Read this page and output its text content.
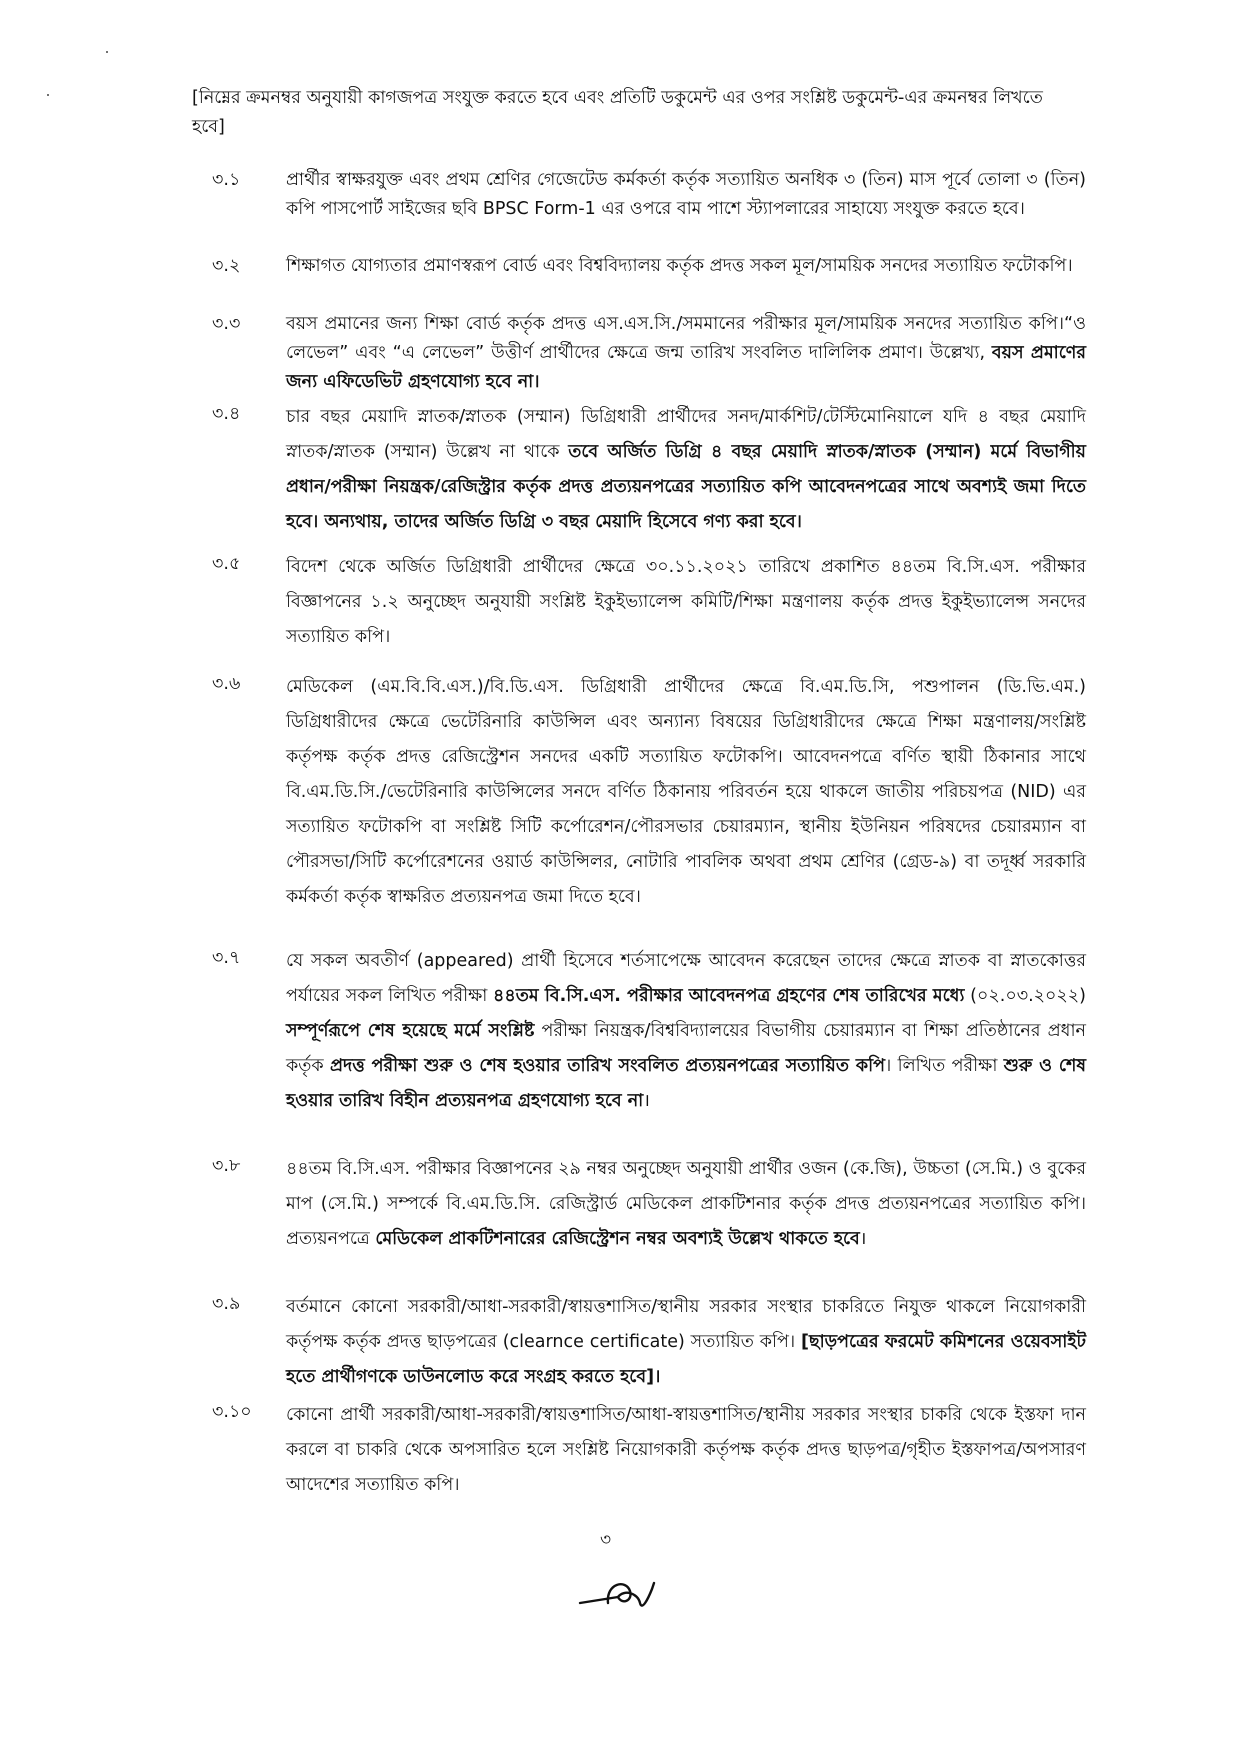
[নিম্নের ক্রমনম্বর অনুযায়ী কাগজপত্র সংযুক্ত করতে হবে এবং প্রতিটি ডকুমেন্ট এর ওপর সংশ্লিষ্ট ডকুমেন্ট-এর ক্রমনম্বর লিখতে হবে]
৩.১	প্রার্থীর স্বাক্ষরযুক্ত এবং প্রথম শ্রেণির গেজেটেড কর্মকর্তা কর্তৃক সত্যায়িত অনধিক ৩ (তিন) মাস পূর্বে তোলা ৩ (তিন) কপি পাসপোর্ট সাইজের ছবি BPSC Form-1 এর ওপরে বাম পাশে স্ট্যাপলারের সাহায্যে সংযুক্ত করতে হবে।
৩.২	শিক্ষাগত যোগ্যতার প্রমাণস্বরূপ বোর্ড এবং বিশ্ববিদ্যালয় কর্তৃক প্রদত্ত সকল মূল/সাময়িক সনদের সত্যায়িত ফটোকপি।
৩.৩	বয়স প্রমানের জন্য শিক্ষা বোর্ড কর্তৃক প্রদত্ত এস.এস.সি./সমমানের পরীক্ষার মূল/সাময়িক সনদের সত্যায়িত কপি।“ও লেভেল” এবং “এ লেভেল” উত্তীর্ণ প্রার্থীদের ক্ষেত্রে জন্ম তারিখ সংবলিত দালিলিক প্রমাণ। উল্লেখ্য, বয়স প্রমাণের জন্য এফিডেভিট গ্রহণযোগ্য হবে না।
৩.৪	চার বছর মেয়াদি স্নাতক/স্নাতক (সম্মান) ডিগ্রিধারী প্রার্থীদের সনদ/মার্কশিট/টেস্টিমোনিয়ালে যদি ৪ বছর মেয়াদি স্নাতক/স্নাতক (সম্মান) উল্লেখ না থাকে তবে অর্জিত ডিগ্রি ৪ বছর মেয়াদি স্নাতক/স্নাতক (সম্মান) মর্মে বিভাগীয় প্রধান/পরীক্ষা নিয়ন্ত্রক/রেজিস্ট্রার কর্তৃক প্রদত্ত প্রত্যয়নপত্রের সত্যায়িত কপি আবেদনপত্রের সাথে অবশ্যই জমা দিতে হবে। অন্যথায়, তাদের অর্জিত ডিগ্রি ৩ বছর মেয়াদি হিসেবে গণ্য করা হবে।
৩.৫	বিদেশ থেকে অর্জিত ডিগ্রিধারী প্রার্থীদের ক্ষেত্রে ৩০.১১.২০২১ তারিখে প্রকাশিত ৪৪তম বি.সি.এস. পরীক্ষার বিজ্ঞাপনের ১.২ অনুচ্ছেদ অনুযায়ী সংশ্লিষ্ট ইকুইভ্যালেন্স কমিটি/শিক্ষা মন্ত্রণালয় কর্তৃক প্রদত্ত ইকুইভ্যালেন্স সনদের সত্যায়িত কপি।
৩.৬	মেডিকেল (এম.বি.বি.এস.)/বি.ডি.এস. ডিগ্রিধারী প্রার্থীদের ক্ষেত্রে বি.এম.ডি.সি, পশুপালন (ডি.ভি.এম.) ডিগ্রিধারীদের ক্ষেত্রে ভেটেরিনারি কাউন্সিল এবং অন্যান্য বিষয়ের ডিগ্রিধারীদের ক্ষেত্রে শিক্ষা মন্ত্রণালয়/সংশ্লিষ্ট কর্তৃপক্ষ কর্তৃক প্রদত্ত রেজিস্ট্রেশন সনদের একটি সত্যায়িত ফটোকপি। আবেদনপত্রে বর্ণিত স্থায়ী ঠিকানার সাথে বি.এম.ডি.সি./ভেটেরিনারি কাউন্সিলের সনদে বর্ণিত ঠিকানায় পরিবর্তন হয়ে থাকলে জাতীয় পরিচয়পত্র (NID) এর সত্যায়িত ফটোকপি বা সংশ্লিষ্ট সিটি কর্পোরেশন/পৌরসভার চেয়ারম্যান, স্থানীয় ইউনিয়ন পরিষদের চেয়ারম্যান বা পৌরসভা/সিটি কর্পোরেশনের ওয়ার্ড কাউন্সিলর, নোটারি পাবলিক অথবা প্রথম শ্রেণির (গ্রেড-৯) বা তদূর্ধ্ব সরকারি কর্মকর্তা কর্তৃক স্বাক্ষরিত প্রত্যয়নপত্র জমা দিতে হবে।
৩.৭	যে সকল অবতীর্ণ (appeared) প্রার্থী হিসেবে শর্তসাপেক্ষে আবেদন করেছেন তাদের ক্ষেত্রে স্নাতক বা স্নাতকোত্তর পর্যায়ের সকল লিখিত পরীক্ষা ৪৪তম বি.সি.এস. পরীক্ষার আবেদনপত্র গ্রহণের শেষ তারিখের মধ্যে (০২.০৩.২০২২) সম্পূর্ণরূপে শেষ হয়েছে মর্মে সংশ্লিষ্ট পরীক্ষা নিয়ন্ত্রক/বিশ্ববিদ্যালয়ের বিভাগীয় চেয়ারম্যান বা শিক্ষা প্রতিষ্ঠানের প্রধান কর্তৃক প্রদত্ত পরীক্ষা শুরু ও শেষ হওয়ার তারিখ সংবলিত প্রত্যয়নপত্রের সত্যায়িত কপি। লিখিত পরীক্ষা শুরু ও শেষ হওয়ার তারিখ বিহীন প্রত্যয়নপত্র গ্রহণযোগ্য হবে না।
৩.৮	৪৪তম বি.সি.এস. পরীক্ষার বিজ্ঞাপনের ২৯ নম্বর অনুচ্ছেদ অনুযায়ী প্রার্থীর ওজন (কে.জি), উচ্চতা (সে.মি.) ও বুকের মাপ (সে.মি.) সম্পর্কে বি.এম.ডি.সি. রেজিস্ট্রার্ড মেডিকেল প্রাকটিশনার কর্তৃক প্রদত্ত প্রত্যয়নপত্রের সত্যায়িত কপি। প্রত্যয়নপত্রে মেডিকেল প্রাকটিশনারের রেজিস্ট্রেশন নম্বর অবশ্যই উল্লেখ থাকতে হবে।
৩.৯	বর্তমানে কোনো সরকারী/আধা-সরকারী/স্বায়ত্তশাসিত/স্থানীয় সরকার সংস্থার চাকরিতে নিযুক্ত থাকলে নিয়োগকারী কর্তৃপক্ষ কর্তৃক প্রদত্ত ছাড়পত্রের (clearnce certificate) সত্যায়িত কপি। [ছাড়পত্রের ফরমেট কমিশনের ওয়েবসাইট হতে প্রার্থীগণকে ডাউনলোড করে সংগ্রহ করতে হবে]।
৩.১০	কোনো প্রার্থী সরকারী/আধা-সরকারী/স্বায়ত্তশাসিত/আধা-স্বায়ত্তশাসিত/স্থানীয় সরকার সংস্থার চাকরি থেকে ইস্তফা দান করলে বা চাকরি থেকে অপসারিত হলে সংশ্লিষ্ট নিয়োগকারী কর্তৃপক্ষ কর্তৃক প্রদত্ত ছাড়পত্র/গৃহীত ইস্তফাপত্র/অপসারণ আদেশের সত্যায়িত কপি।
৩
